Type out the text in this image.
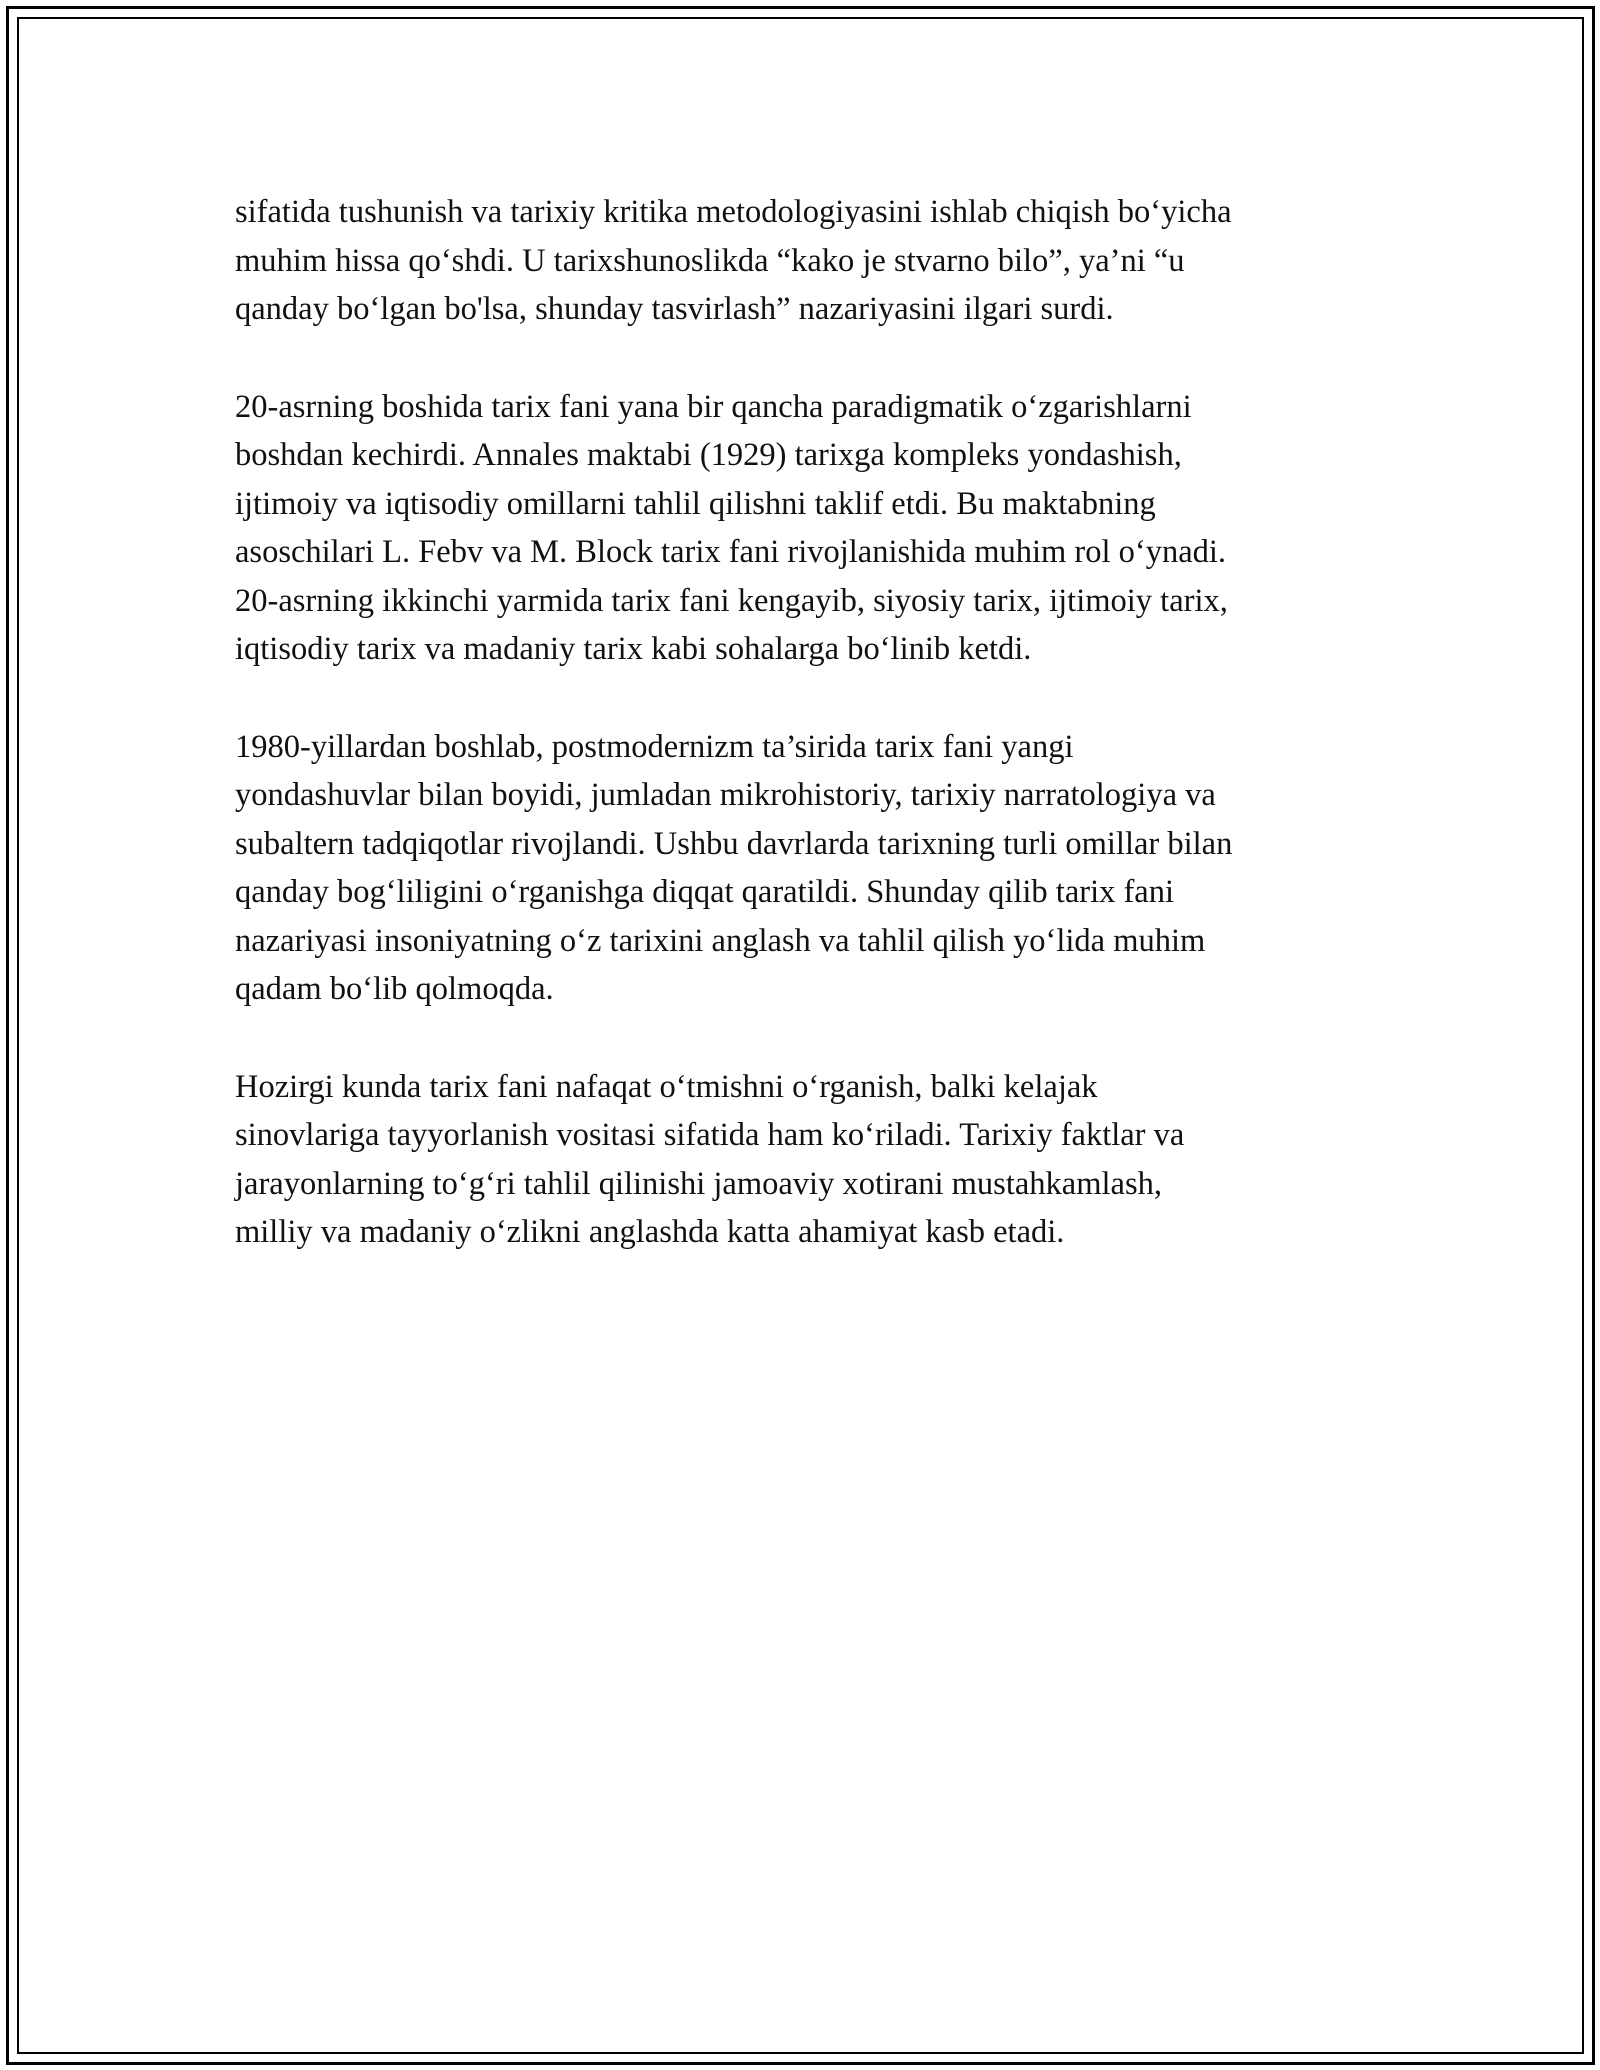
sifatida tushunish va tarixiy kritika metodologiyasini ishlab chiqish bo‘yicha
muhim hissa qo‘shdi. U tarixshunoslikda “kako je stvarno bilo”, ya’ni “u
qanday bo‘lgan bo'lsa, shunday tasvirlash” nazariyasini ilgari surdi.

20-asrning boshida tarix fani yana bir qancha paradigmatik o‘zgarishlarni
boshdan kechirdi. Annales maktabi (1929) tarixga kompleks yondashish,
ijtimoiy va iqtisodiy omillarni tahlil qilishni taklif etdi. Bu maktabning
asoschilari L. Febv va M. Block tarix fani rivojlanishida muhim rol o‘ynadi.
20-asrning ikkinchi yarmida tarix fani kengayib, siyosiy tarix, ijtimoiy tarix,
iqtisodiy tarix va madaniy tarix kabi sohalarga bo‘linib ketdi.

1980-yillardan boshlab, postmodernizm ta’sirida tarix fani yangi
yondashuvlar bilan boyidi, jumladan mikrohistoriy, tarixiy narratologiya va
subaltern tadqiqotlar rivojlandi. Ushbu davrlarda tarixning turli omillar bilan
qanday bog‘liligini o‘rganishga diqqat qaratildi. Shunday qilib tarix fani
nazariyasi insoniyatning o‘z tarixini anglash va tahlil qilish yo‘lida muhim
qadam bo‘lib qolmoqda.

Hozirgi kunda tarix fani nafaqat o‘tmishni o‘rganish, balki kelajak
sinovlariga tayyorlanish vositasi sifatida ham ko‘riladi. Tarixiy faktlar va
jarayonlarning to‘g‘ri tahlil qilinishi jamoaviy xotirani mustahkamlash,
milliy va madaniy o‘zlikni anglashda katta ahamiyat kasb etadi.
